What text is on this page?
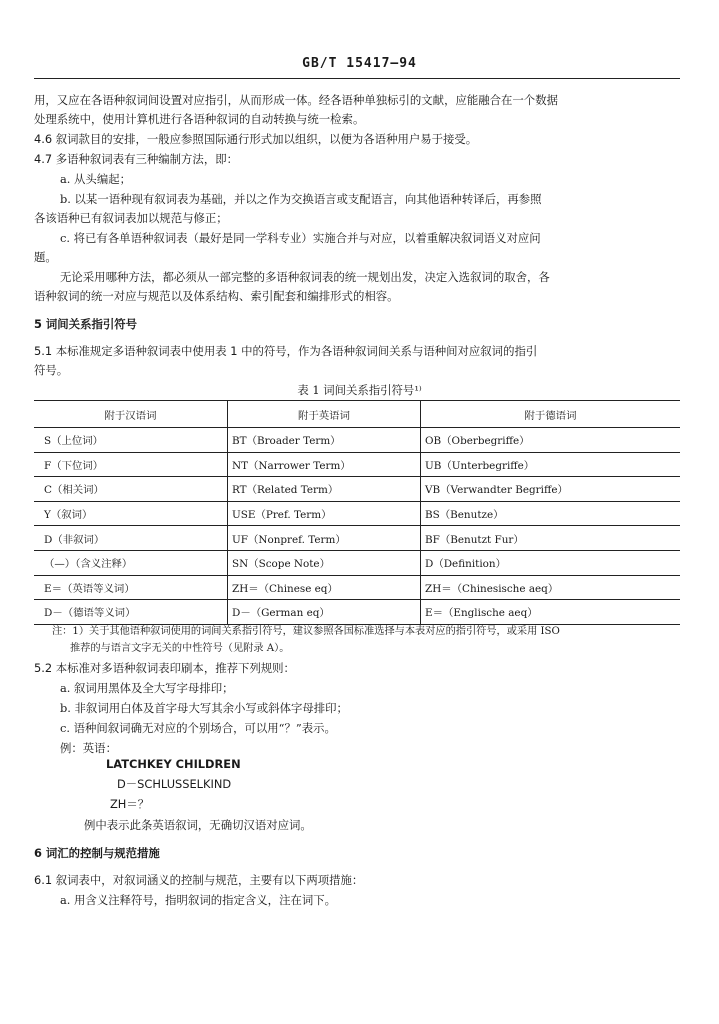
GB/T 15417—94
用，又应在各语种叙词间设置对应指引，从而形成一体。经各语种单独标引的文献，应能融合在一个数据
处理系统中，使用计算机进行各语种叙词的自动转换与统一检索。
4.6 叙词款目的安排，一般应参照国际通行形式加以组织，以便为各语种用户易于接受。
4.7 多语种叙词表有三种编制方法，即：
a. 从头编起；
b. 以某一语种现有叙词表为基础，并以之作为交换语言或支配语言，向其他语种转译后，再参照
各该语种已有叙词表加以规范与修正；
c. 将已有各单语种叙词表（最好是同一学科专业）实施合并与对应，以着重解决叙词语义对应问
题。
无论采用哪种方法，都必须从一部完整的多语种叙词表的统一规划出发，决定入选叙词的取舍，各
语种叙词的统一对应与规范以及体系结构、索引配套和编排形式的相容。
5 词间关系指引符号
5.1 本标准规定多语种叙词表中使用表 1 中的符号，作为各语种叙词间关系与语种间对应叙词的指引
符号。
表 1 词间关系指引符号¹⁾
附于汉语词	附于英语词	附于德语词
S（上位词）	BT（Broader Term）	OB（Oberbegriffe）
F（下位词）	NT（Narrower Term）	UB（Unterbegriffe）
C（相关词）	RT（Related Term）	VB（Verwandter Begriffe）
Y（叙词）	USE（Pref. Term）	BS（Benutze）
D（非叙词）	UF（Nonpref. Term）	BF（Benutzt Fur）
（—）（含义注释）	SN（Scope Note）	D（Definition）
E＝（英语等义词）	ZH＝（Chinese eq）	ZH＝（Chinesische aeq）
D－（德语等义词）	D－（German eq）	E＝（Englische aeq）
注：1）关于其他语种叙词使用的词间关系指引符号，建议参照各国标准选择与本表对应的指引符号，或采用 ISO
推荐的与语言文字无关的中性符号（见附录 A）。
5.2 本标准对多语种叙词表印刷本，推荐下列规则：
a. 叙词用黑体及全大写字母排印；
b. 非叙词用白体及首字母大写其余小写或斜体字母排印；
c. 语种间叙词确无对应的个别场合，可以用“？”表示。
例：英语：
LATCHKEY CHILDREN
D－SCHLUSSELKIND
ZH＝？
例中表示此条英语叙词，无确切汉语对应词。
6 词汇的控制与规范措施
6.1 叙词表中，对叙词涵义的控制与规范，主要有以下两项措施：
a. 用含义注释符号，指明叙词的指定含义，注在词下。
